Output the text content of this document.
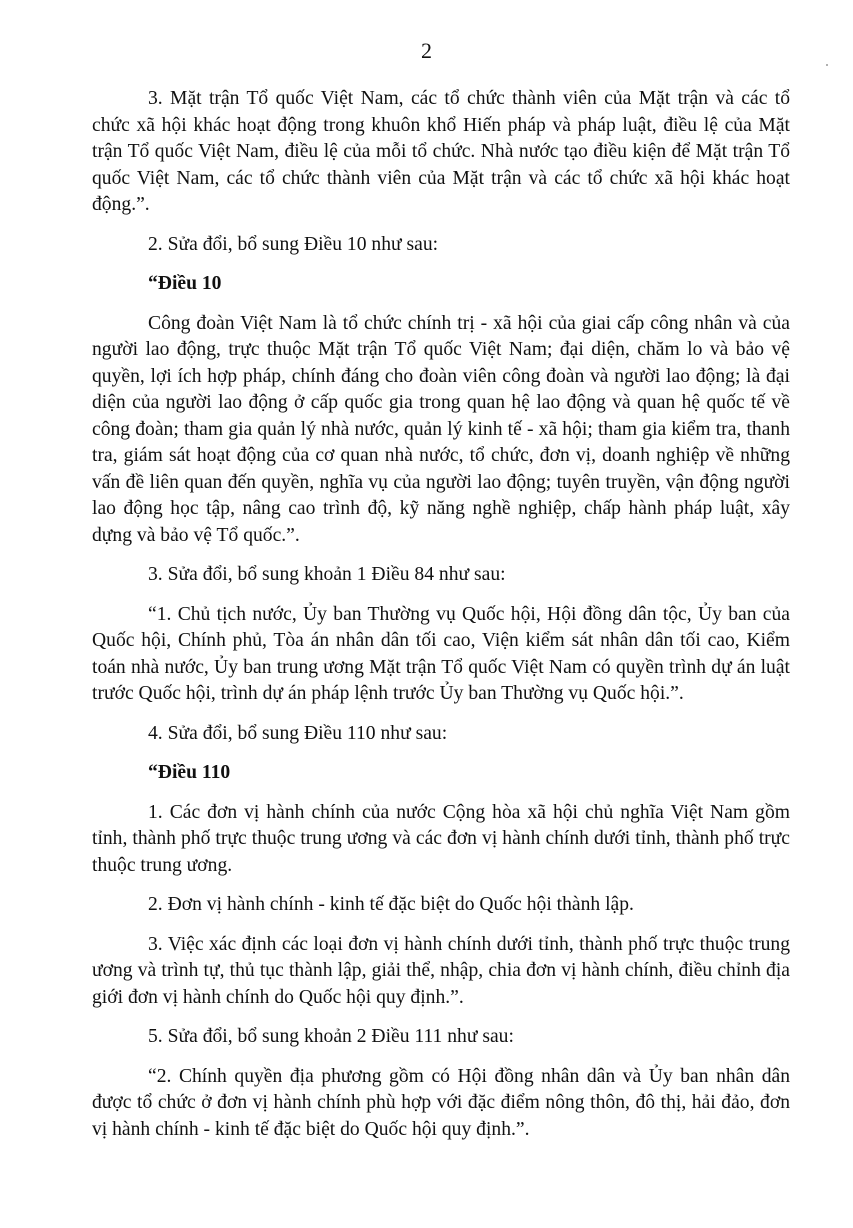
2

3. Mặt trận Tổ quốc Việt Nam, các tổ chức thành viên của Mặt trận và các tổ chức xã hội khác hoạt động trong khuôn khổ Hiến pháp và pháp luật, điều lệ của Mặt trận Tổ quốc Việt Nam, điều lệ của mỗi tổ chức. Nhà nước tạo điều kiện để Mặt trận Tổ quốc Việt Nam, các tổ chức thành viên của Mặt trận và các tổ chức xã hội khác hoạt động.”.

2. Sửa đổi, bổ sung Điều 10 như sau:

“Điều 10

Công đoàn Việt Nam là tổ chức chính trị - xã hội của giai cấp công nhân và của người lao động, trực thuộc Mặt trận Tổ quốc Việt Nam; đại diện, chăm lo và bảo vệ quyền, lợi ích hợp pháp, chính đáng cho đoàn viên công đoàn và người lao động; là đại diện của người lao động ở cấp quốc gia trong quan hệ lao động và quan hệ quốc tế về công đoàn; tham gia quản lý nhà nước, quản lý kinh tế - xã hội; tham gia kiểm tra, thanh tra, giám sát hoạt động của cơ quan nhà nước, tổ chức, đơn vị, doanh nghiệp về những vấn đề liên quan đến quyền, nghĩa vụ của người lao động; tuyên truyền, vận động người lao động học tập, nâng cao trình độ, kỹ năng nghề nghiệp, chấp hành pháp luật, xây dựng và bảo vệ Tổ quốc.”.

3. Sửa đổi, bổ sung khoản 1 Điều 84 như sau:

“1. Chủ tịch nước, Ủy ban Thường vụ Quốc hội, Hội đồng dân tộc, Ủy ban của Quốc hội, Chính phủ, Tòa án nhân dân tối cao, Viện kiểm sát nhân dân tối cao, Kiểm toán nhà nước, Ủy ban trung ương Mặt trận Tổ quốc Việt Nam có quyền trình dự án luật trước Quốc hội, trình dự án pháp lệnh trước Ủy ban Thường vụ Quốc hội.”.

4. Sửa đổi, bổ sung Điều 110 như sau:

“Điều 110

1. Các đơn vị hành chính của nước Cộng hòa xã hội chủ nghĩa Việt Nam gồm tỉnh, thành phố trực thuộc trung ương và các đơn vị hành chính dưới tỉnh, thành phố trực thuộc trung ương.

2. Đơn vị hành chính - kinh tế đặc biệt do Quốc hội thành lập.

3. Việc xác định các loại đơn vị hành chính dưới tỉnh, thành phố trực thuộc trung ương và trình tự, thủ tục thành lập, giải thể, nhập, chia đơn vị hành chính, điều chỉnh địa giới đơn vị hành chính do Quốc hội quy định.”.

5. Sửa đổi, bổ sung khoản 2 Điều 111 như sau:

“2. Chính quyền địa phương gồm có Hội đồng nhân dân và Ủy ban nhân dân được tổ chức ở đơn vị hành chính phù hợp với đặc điểm nông thôn, đô thị, hải đảo, đơn vị hành chính - kinh tế đặc biệt do Quốc hội quy định.”.
